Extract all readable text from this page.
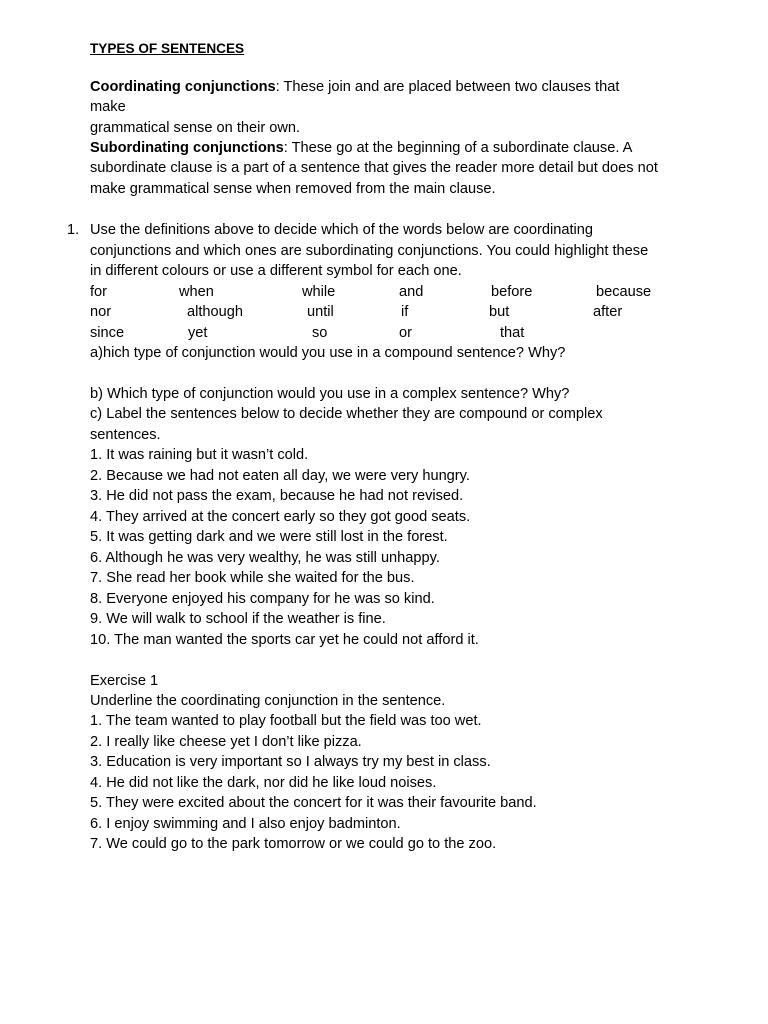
TYPES OF SENTENCES
Coordinating conjunctions: These join and are placed between two clauses that
make
grammatical sense on their own.
Subordinating conjunctions: These go at the beginning of a subordinate clause. A
subordinate clause is a part of a sentence that gives the reader more detail but does not
make grammatical sense when removed from the main clause.
1. Use the definitions above to decide which of the words below are coordinating
conjunctions and which ones are subordinating conjunctions. You could highlight these
in different colours or use a different symbol for each one.
for	when	while	and	before	because
nor	although	until	if	but	after
since	yet	so	or	that
a)hich type of conjunction would you use in a compound sentence? Why?
b) Which type of conjunction would you use in a complex sentence? Why?
c) Label the sentences below to decide whether they are compound or complex
sentences.
1. It was raining but it wasn’t cold.
2. Because we had not eaten all day, we were very hungry.
3. He did not pass the exam, because he had not revised.
4. They arrived at the concert early so they got good seats.
5. It was getting dark and we were still lost in the forest.
6. Although he was very wealthy, he was still unhappy.
7. She read her book while she waited for the bus.
8. Everyone enjoyed his company for he was so kind.
9. We will walk to school if the weather is fine.
10. The man wanted the sports car yet he could not afford it.
Exercise 1
Underline the coordinating conjunction in the sentence.
1. The team wanted to play football but the field was too wet.
2. I really like cheese yet I don’t like pizza.
3. Education is very important so I always try my best in class.
4. He did not like the dark, nor did he like loud noises.
5. They were excited about the concert for it was their favourite band.
6. I enjoy swimming and I also enjoy badminton.
7. We could go to the park tomorrow or we could go to the zoo.
